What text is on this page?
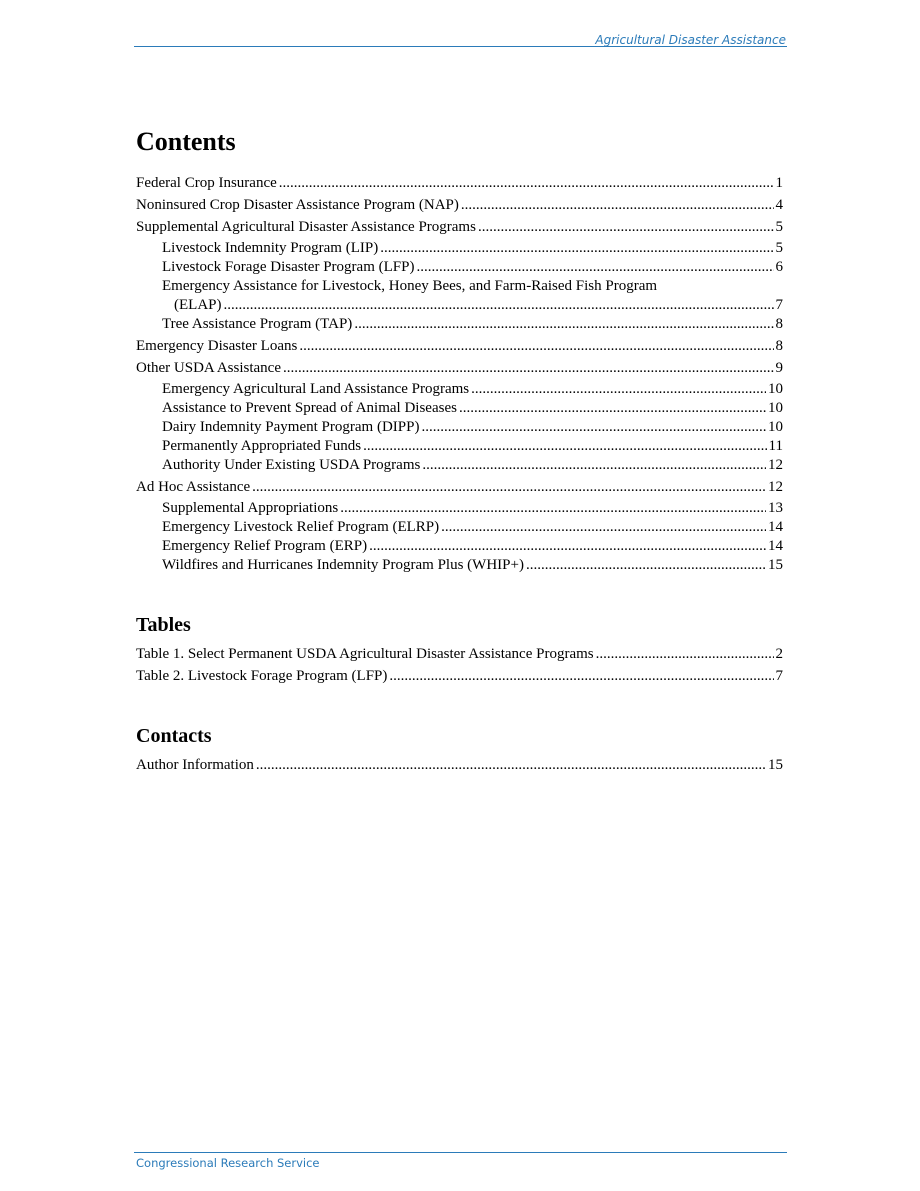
Agricultural Disaster Assistance
Contents
Federal Crop Insurance .....	1
Noninsured Crop Disaster Assistance Program (NAP) .....	4
Supplemental Agricultural Disaster Assistance Programs .....	5
Livestock Indemnity Program (LIP) .....	5
Livestock Forage Disaster Program (LFP) .....	6
Emergency Assistance for Livestock, Honey Bees, and Farm-Raised Fish Program
(ELAP) .....	7
Tree Assistance Program (TAP) .....	8
Emergency Disaster Loans .....	8
Other USDA Assistance .....	9
Emergency Agricultural Land Assistance Programs .....	10
Assistance to Prevent Spread of Animal Diseases .....	10
Dairy Indemnity Payment Program (DIPP) .....	10
Permanently Appropriated Funds .....	11
Authority Under Existing USDA Programs .....	12
Ad Hoc Assistance .....	12
Supplemental Appropriations .....	13
Emergency Livestock Relief Program (ELRP) .....	14
Emergency Relief Program (ERP) .....	14
Wildfires and Hurricanes Indemnity Program Plus (WHIP+) .....	15
Tables
Table 1. Select Permanent USDA Agricultural Disaster Assistance Programs .....	2
Table 2. Livestock Forage Program (LFP) .....	7
Contacts
Author Information .....	15
Congressional Research Service
